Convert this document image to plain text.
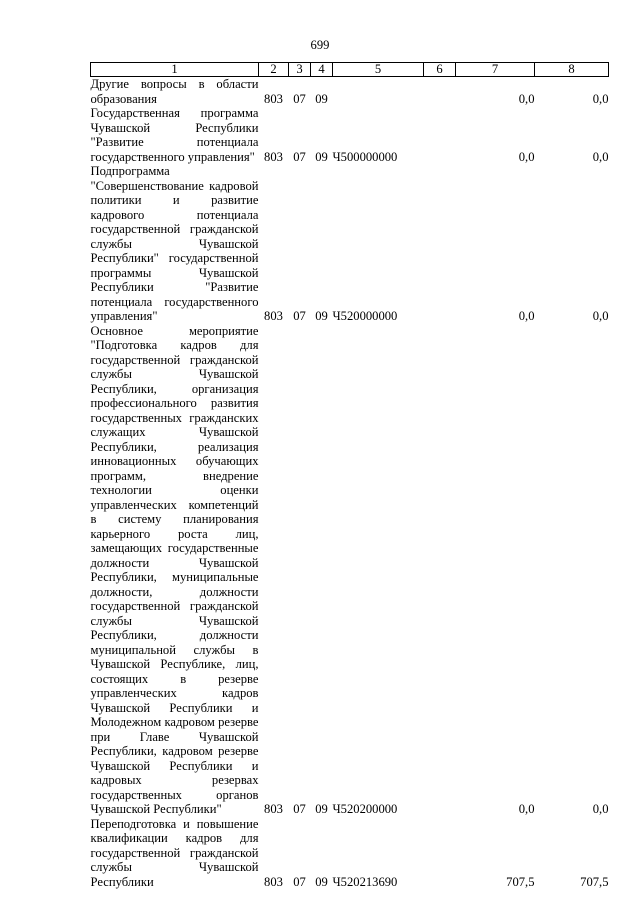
699
1	2	3	4	5	6	7	8
Другие вопросы в области образования	803	07	09			0,0	0,0
Государственная программа Чувашской Республики "Развитие потенциала государственного управления"	803	07	09	Ч500000000		0,0	0,0
Подпрограмма "Совершенствование кадровой политики и развитие кадрового потенциала государственной гражданской службы Чувашской Республики" государственной программы Чувашской Республики "Развитие потенциала государственного управления"	803	07	09	Ч520000000		0,0	0,0
Основное мероприятие "Подготовка кадров для государственной гражданской службы Чувашской Республики, организация профессионального развития государственных гражданских служащих Чувашской Республики, реализация инновационных обучающих программ, внедрение технологии оценки управленческих компетенций в систему планирования карьерного роста лиц, замещающих государственные должности Чувашской Республики, муниципальные должности, должности государственной гражданской службы Чувашской Республики, должности муниципальной службы в Чувашской Республике, лиц, состоящих в резерве управленческих кадров Чувашской Республики и Молодежном кадровом резерве при Главе Чувашской Республики, кадровом резерве Чувашской Республики и кадровых резервах государственных органов Чувашской Республики"	803	07	09	Ч520200000		0,0	0,0
Переподготовка и повышение квалификации кадров для государственной гражданской службы Чувашской Республики	803	07	09	Ч520213690		707,5	707,5
